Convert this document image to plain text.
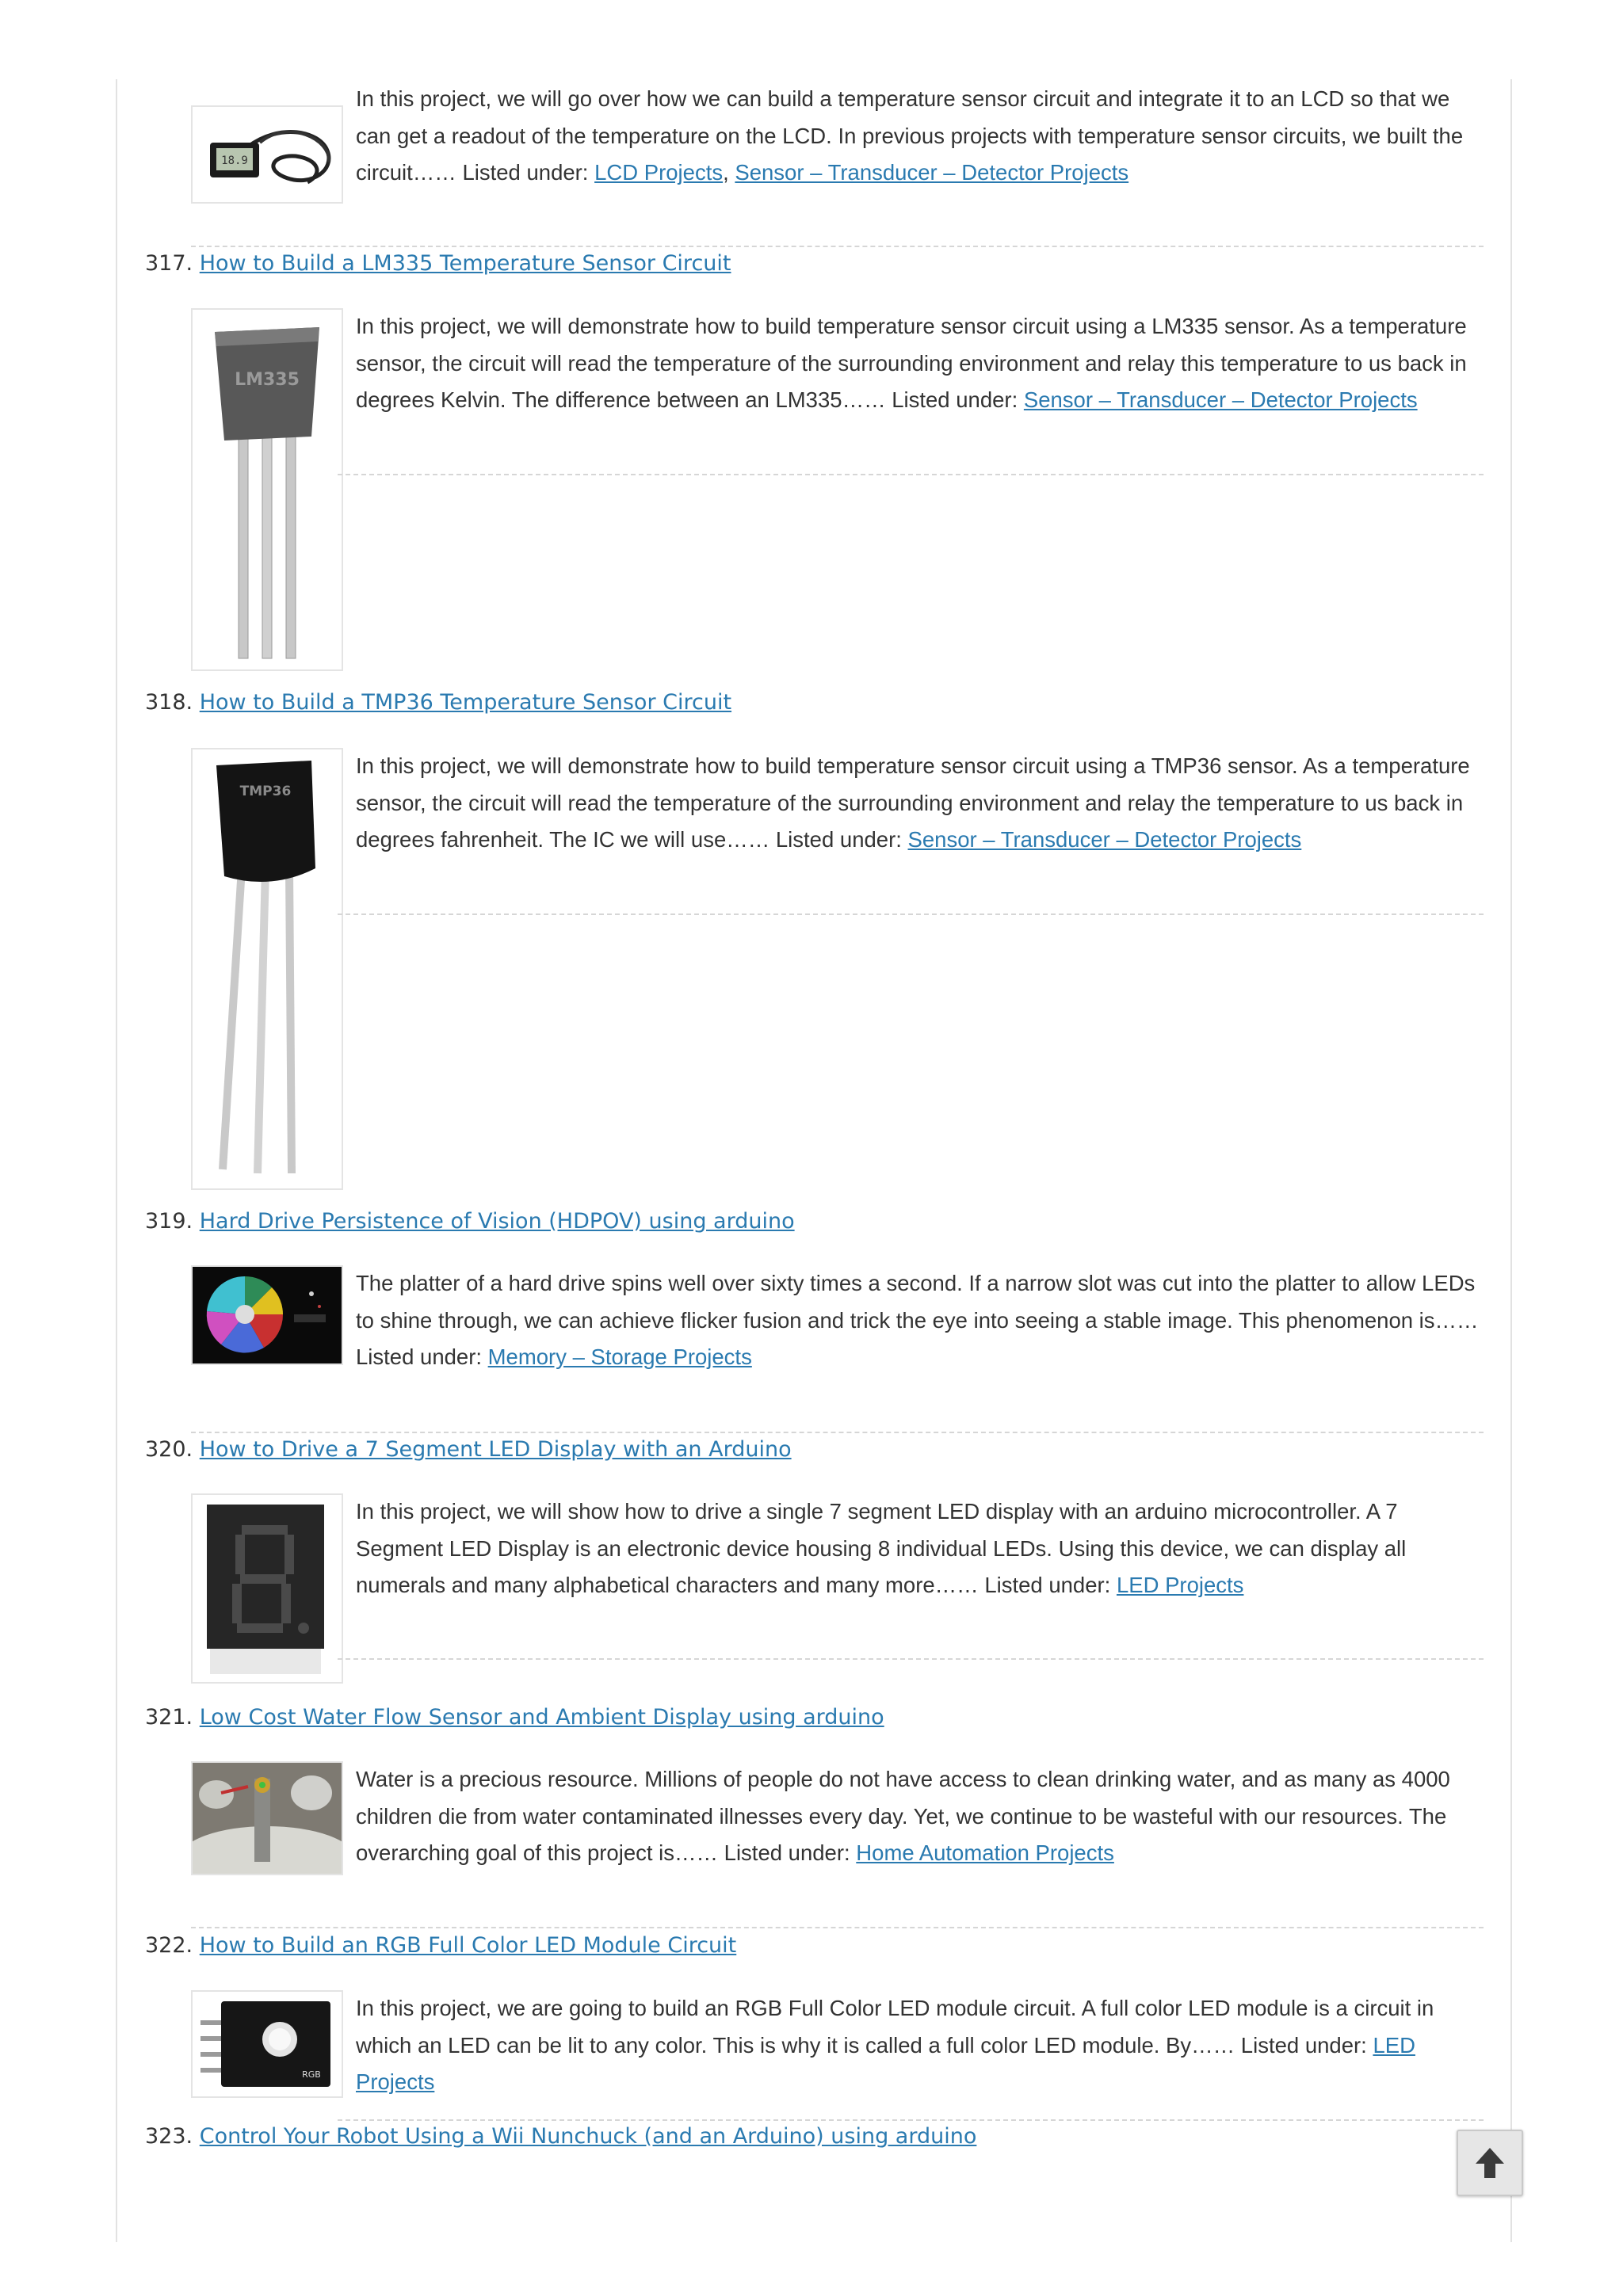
18.9
In this project, we will go over how we can build a temperature sensor circuit and integrate it to an LCD so that we can get a readout of the temperature on the LCD. In previous projects with temperature sensor circuits, we built the circuit…… Listed under: LCD Projects, Sensor – Transducer – Detector Projects
317. How to Build a LM335 Temperature Sensor Circuit
LM335
In this project, we will demonstrate how to build temperature sensor circuit using a LM335 sensor. As a temperature sensor, the circuit will read the temperature of the surrounding environment and relay this temperature to us back in degrees Kelvin. The difference between an LM335…… Listed under: Sensor – Transducer – Detector Projects
318. How to Build a TMP36 Temperature Sensor Circuit
TMP36
In this project, we will demonstrate how to build temperature sensor circuit using a TMP36 sensor. As a temperature sensor, the circuit will read the temperature of the surrounding environment and relay the temperature to us back in degrees fahrenheit. The IC we will use…… Listed under: Sensor – Transducer – Detector Projects
319. Hard Drive Persistence of Vision (HDPOV) using arduino
The platter of a hard drive spins well over sixty times a second. If a narrow slot was cut into the platter to allow LEDs to shine through, we can achieve flicker fusion and trick the eye into seeing a stable image. This phenomenon is…… Listed under: Memory – Storage Projects
320. How to Drive a 7 Segment LED Display with an Arduino
In this project, we will show how to drive a single 7 segment LED display with an arduino microcontroller. A 7 Segment LED Display is an electronic device housing 8 individual LEDs. Using this device, we can display all numerals and many alphabetical characters and many more…… Listed under: LED Projects
321. Low Cost Water Flow Sensor and Ambient Display using arduino
Water is a precious resource. Millions of people do not have access to clean drinking water, and as many as 4000 children die from water contaminated illnesses every day. Yet, we continue to be wasteful with our resources. The overarching goal of this project is…… Listed under: Home Automation Projects
322. How to Build an RGB Full Color LED Module Circuit
RGB
In this project, we are going to build an RGB Full Color LED module circuit. A full color LED module is a circuit in which an LED can be lit to any color. This is why it is called a full color LED module. By…… Listed under: LED Projects
323. Control Your Robot Using a Wii Nunchuck (and an Arduino) using arduino
